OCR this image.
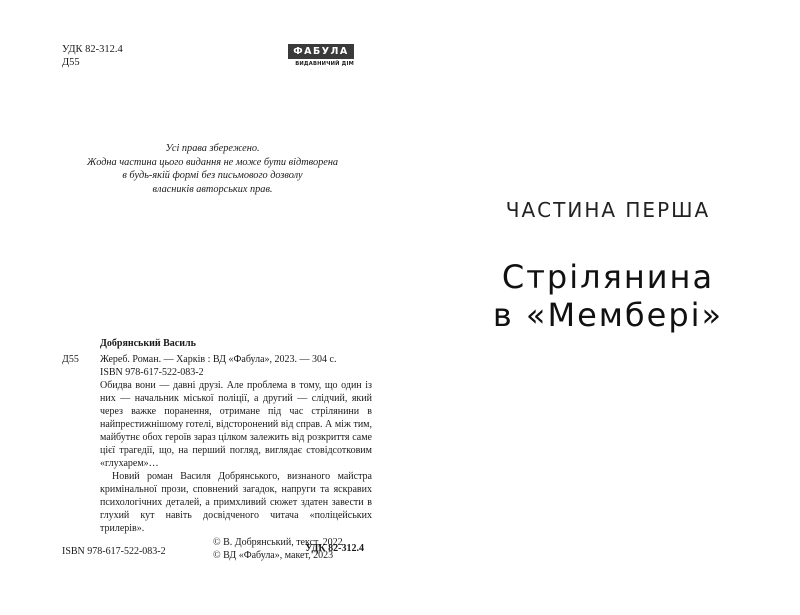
УДК 82-312.4
Д55
ФАБУЛА
ВИДАВНИЧИЙ ДІМ
Усі права збережено.
Жодна частина цього видання не може бути відтворена
в будь-якій формі без письмового дозволу
власників авторських прав.
Добрянський Василь
Д55 Жереб. Роман. — Харків : ВД «Фабула», 2023. — 304 с.
ISBN 978-617-522-083-2

Обидва вони — давні друзі. Але проблема в тому, що один із них — начальник міської поліції, а другий — слідчий, який через важке поранення, отримане під час стрілянини в найпрестижнішому готелі, відсторонений від справ. А між тим, майбутнє обох героїв зараз цілком залежить від розкриття саме цієї трагедії, що, на перший погляд, виглядає стовідсотковим «глухарем»…

Новий роман Василя Добрянського, визнаного майстра кримінальної прози, сповнений загадок, напруги та яскравих психологічних деталей, а примхливий сюжет здатен завести в глухий кут навіть досвідченого читача «поліцейських трилерів».

УДК 82-312.4
ISBN 978-617-522-083-2
© В. Добрянський, текст, 2022
© ВД «Фабула», макет, 2023
ЧАСТИНА ПЕРША
Стрілянина
в «Мембері»
